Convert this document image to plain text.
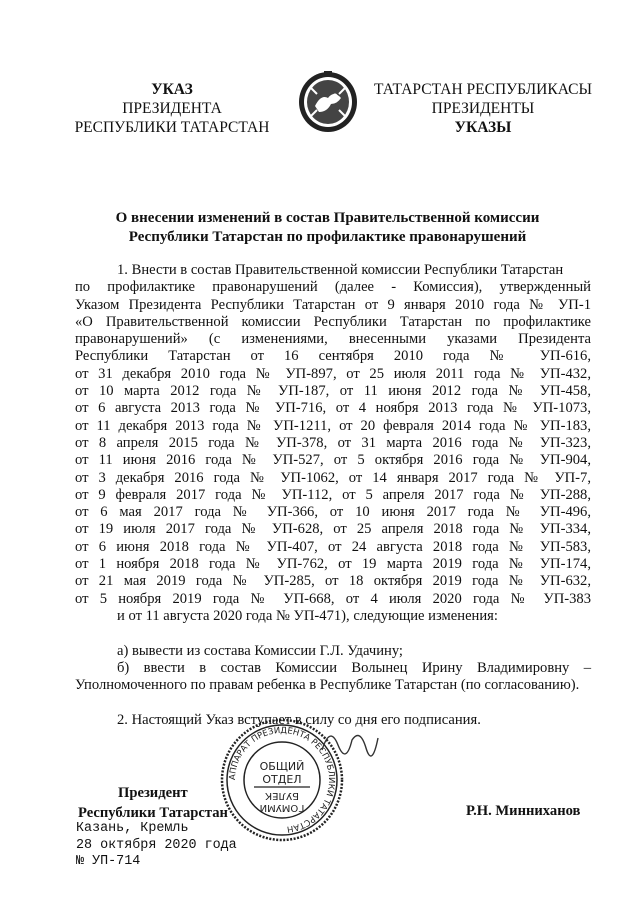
УКАЗ
ПРЕЗИДЕНТА
РЕСПУБЛИКИ ТАТАРСТАН
ТАТАРСТАН РЕСПУБЛИКАСЫ
ПРЕЗИДЕНТЫ
УКАЗЫ
О внесении изменений в состав Правительственной комиссии
Республики Татарстан по профилактике правонарушений
1. Внести в состав Правительственной комиссии Республики Татарстан
по профилактике правонарушений (далее - Комиссия), утвержденный
Указом Президента Республики Татарстан от 9 января 2010 года № УП-1
«О Правительственной комиссии Республики Татарстан по профилактике
правонарушений» (с изменениями, внесенными указами Президента
Республики Татарстан от 16 сентября 2010 года № УП-616,
от 31 декабря 2010 года № УП-897, от 25 июля 2011 года № УП-432,
от 10 марта 2012 года № УП-187, от 11 июня 2012 года № УП-458,
от 6 августа 2013 года № УП-716, от 4 ноября 2013 года № УП-1073,
от 11 декабря 2013 года № УП-1211, от 20 февраля 2014 года № УП-183,
от 8 апреля 2015 года № УП-378, от 31 марта 2016 года № УП-323,
от 11 июня 2016 года № УП-527, от 5 октября 2016 года № УП-904,
от 3 декабря 2016 года № УП-1062, от 14 января 2017 года № УП-7,
от 9 февраля 2017 года № УП-112, от 5 апреля 2017 года № УП-288,
от 6 мая 2017 года № УП-366, от 10 июня 2017 года № УП-496,
от 19 июля 2017 года № УП-628, от 25 апреля 2018 года № УП-334,
от 6 июня 2018 года № УП-407, от 24 августа 2018 года № УП-583,
от 1 ноября 2018 года № УП-762, от 19 марта 2019 года № УП-174,
от 21 мая 2019 года № УП-285, от 18 октября 2019 года № УП-632,
от 5 ноября 2019 года № УП-668, от 4 июля 2020 года № УП-383
и от 11 августа 2020 года № УП-471), следующие изменения:
а) вывести из состава Комиссии Г.Л. Удачину;
б) ввести в состав Комиссии Волынец Ирину Владимировну –
Уполномоченного по правам ребенка в Республике Татарстан (по согласованию).
2. Настоящий Указ вступает в силу со дня его подписания.
АППАРАТ ПРЕЗИДЕНТА РЕСПУБЛИКИ ТАТАРСТАН
ОБЩИЙ
ОТДЕЛ
БУЛЕК
ГОМУМИ
Президент
Республики Татарстан	Р.Н. Минниханов
Казань, Кремль
28 октября 2020 года
№ УП-714
